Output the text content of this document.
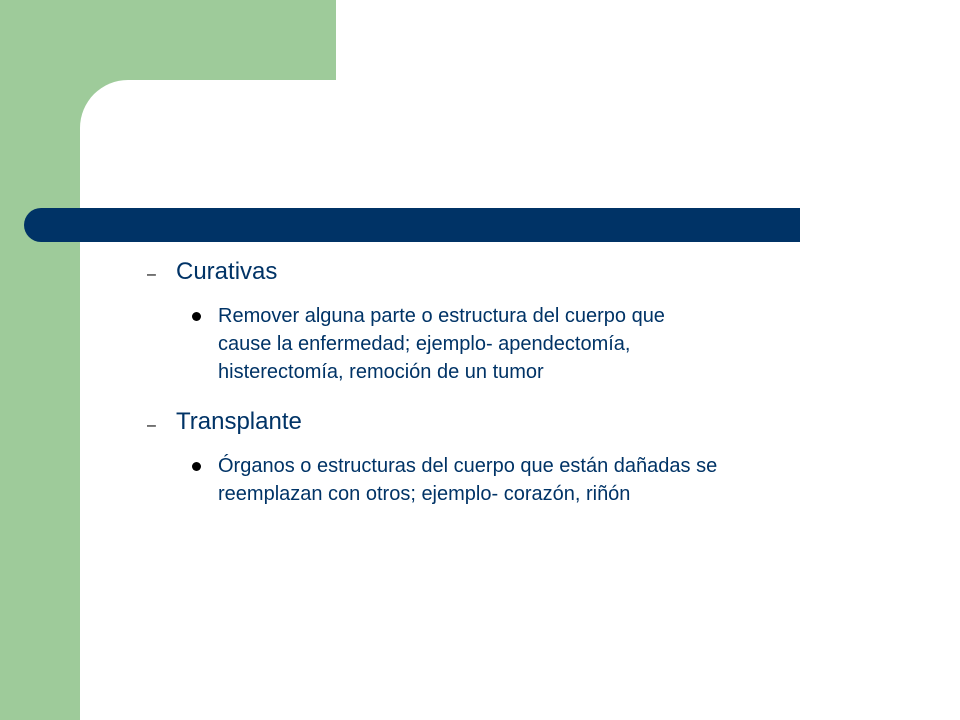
– Curativas
Remover alguna parte o estructura del cuerpo que
cause la enfermedad; ejemplo- apendectomía,
histerectomía, remoción de un tumor
– Transplante
Órganos o estructuras del cuerpo que están dañadas se
reemplazan con otros; ejemplo- corazón, riñón
